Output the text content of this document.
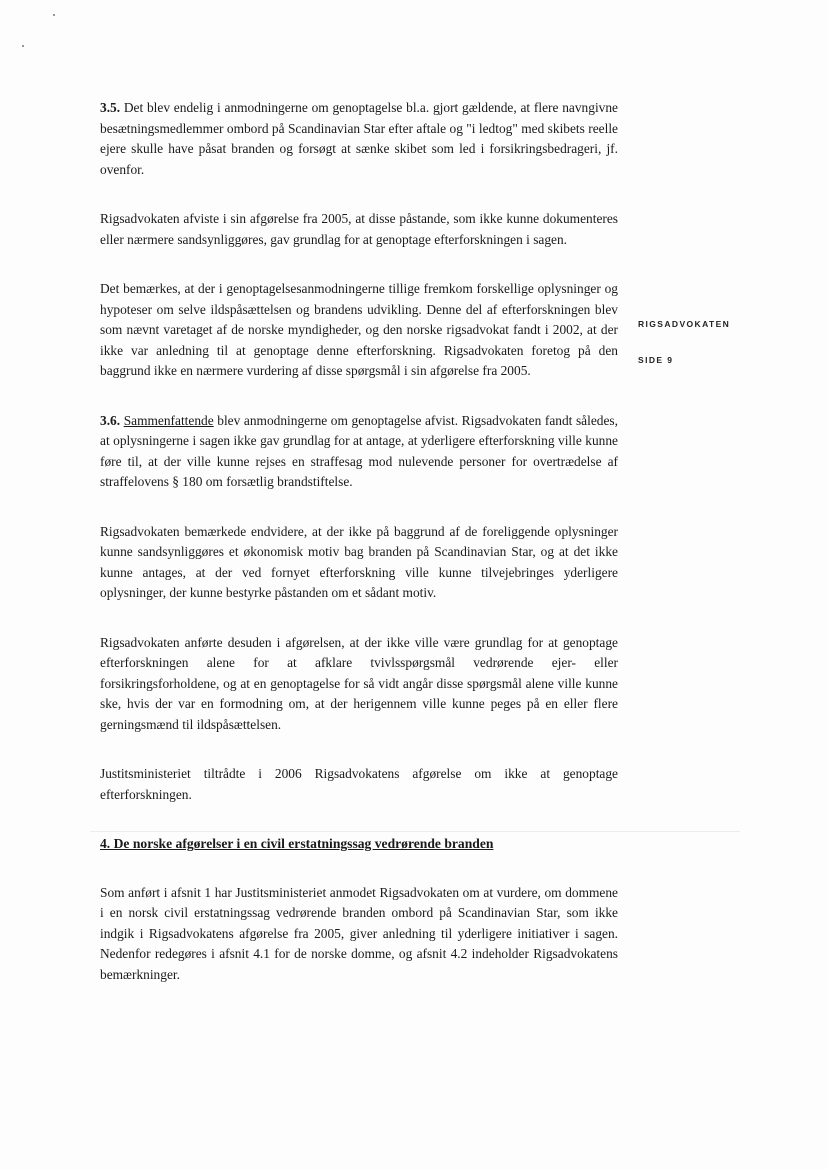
3.5. Det blev endelig i anmodningerne om genoptagelse bl.a. gjort gældende, at flere navngivne besætningsmedlemmer ombord på Scandinavian Star efter aftale og "i ledtog" med skibets reelle ejere skulle have påsat branden og forsøgt at sænke skibet som led i forsikringsbedrageri, jf. ovenfor.

Rigsadvokaten afviste i sin afgørelse fra 2005, at disse påstande, som ikke kunne dokumenteres eller nærmere sandsynliggøres, gav grundlag for at genoptage efterforskningen i sagen.

Det bemærkes, at der i genoptagelsesanmodningerne tillige fremkom forskellige oplysninger og hypoteser om selve ildspåsættelsen og brandens udvikling. Denne del af efterforskningen blev som nævnt varetaget af de norske myndigheder, og den norske rigsadvokat fandt i 2002, at der ikke var anledning til at genoptage denne efterforskning. Rigsadvokaten foretog på den baggrund ikke en nærmere vurdering af disse spørgsmål i sin afgørelse fra 2005.

3.6. Sammenfattende blev anmodningerne om genoptagelse afvist. Rigsadvokaten fandt således, at oplysningerne i sagen ikke gav grundlag for at antage, at yderligere efterforskning ville kunne føre til, at der ville kunne rejses en straffesag mod nulevende personer for overtrædelse af straffelovens § 180 om forsætlig brandstiftelse.

Rigsadvokaten bemærkede endvidere, at der ikke på baggrund af de foreliggende oplysninger kunne sandsynliggøres et økonomisk motiv bag branden på Scandinavian Star, og at det ikke kunne antages, at der ved fornyet efterforskning ville kunne tilvejebringes yderligere oplysninger, der kunne bestyrke påstanden om et sådant motiv.

Rigsadvokaten anførte desuden i afgørelsen, at der ikke ville være grundlag for at genoptage efterforskningen alene for at afklare tvivlsspørgsmål vedrørende ejer- eller forsikringsforholdene, og at en genoptagelse for så vidt angår disse spørgsmål alene ville kunne ske, hvis der var en formodning om, at der herigennem ville kunne peges på en eller flere gerningsmænd til ildspåsættelsen.

Justitsministeriet tiltrådte i 2006 Rigsadvokatens afgørelse om ikke at genoptage efterforskningen.

4. De norske afgørelser i en civil erstatningssag vedrørende branden

Som anført i afsnit 1 har Justitsministeriet anmodet Rigsadvokaten om at vurdere, om dommene i en norsk civil erstatningssag vedrørende branden ombord på Scandinavian Star, som ikke indgik i Rigsadvokatens afgørelse fra 2005, giver anledning til yderligere initiativer i sagen. Nedenfor redegøres i afsnit 4.1 for de norske domme, og afsnit 4.2 indeholder Rigsadvokatens bemærkninger.

RIGSADVOKATEN
SIDE 9
